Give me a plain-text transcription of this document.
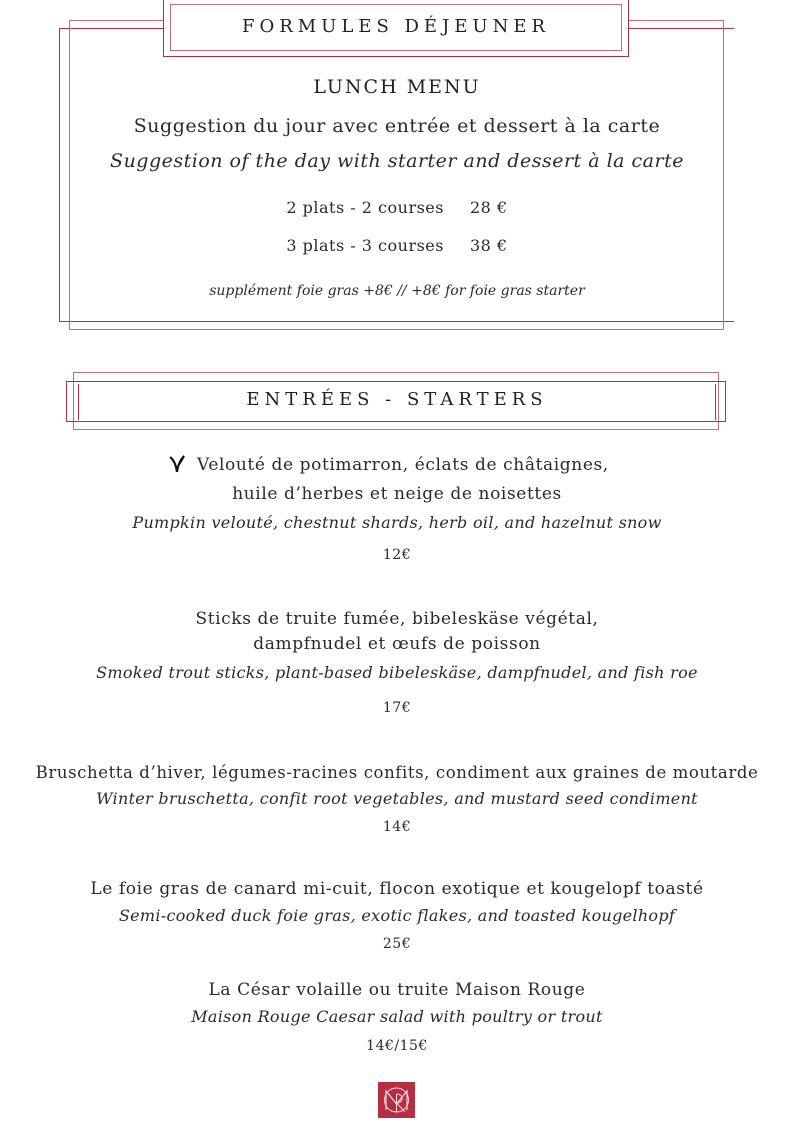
FORMULES DÉJEUNER
LUNCH MENU
Suggestion du jour avec entrée et dessert à la carte
Suggestion of the day with starter and dessert à la carte
2 plats - 2 courses 28 €
3 plats - 3 courses 38 €
supplément foie gras +8€ // +8€ for foie gras starter
ENTRÉES - STARTERS
Velouté de potimarron, éclats de châtaignes,
huile d’herbes et neige de noisettes
Pumpkin velouté, chestnut shards, herb oil, and hazelnut snow
12€
Sticks de truite fumée, bibeleskäse végétal,
dampfnudel et œufs de poisson
Smoked trout sticks, plant-based bibeleskäse, dampfnudel, and fish roe
17€
Bruschetta d’hiver, légumes-racines confits, condiment aux graines de moutarde
Winter bruschetta, confit root vegetables, and mustard seed condiment
14€
Le foie gras de canard mi-cuit, flocon exotique et kougelopf toasté
Semi-cooked duck foie gras, exotic flakes, and toasted kougelhopf
25€
La César volaille ou truite Maison Rouge
Maison Rouge Caesar salad with poultry or trout
14€/15€
